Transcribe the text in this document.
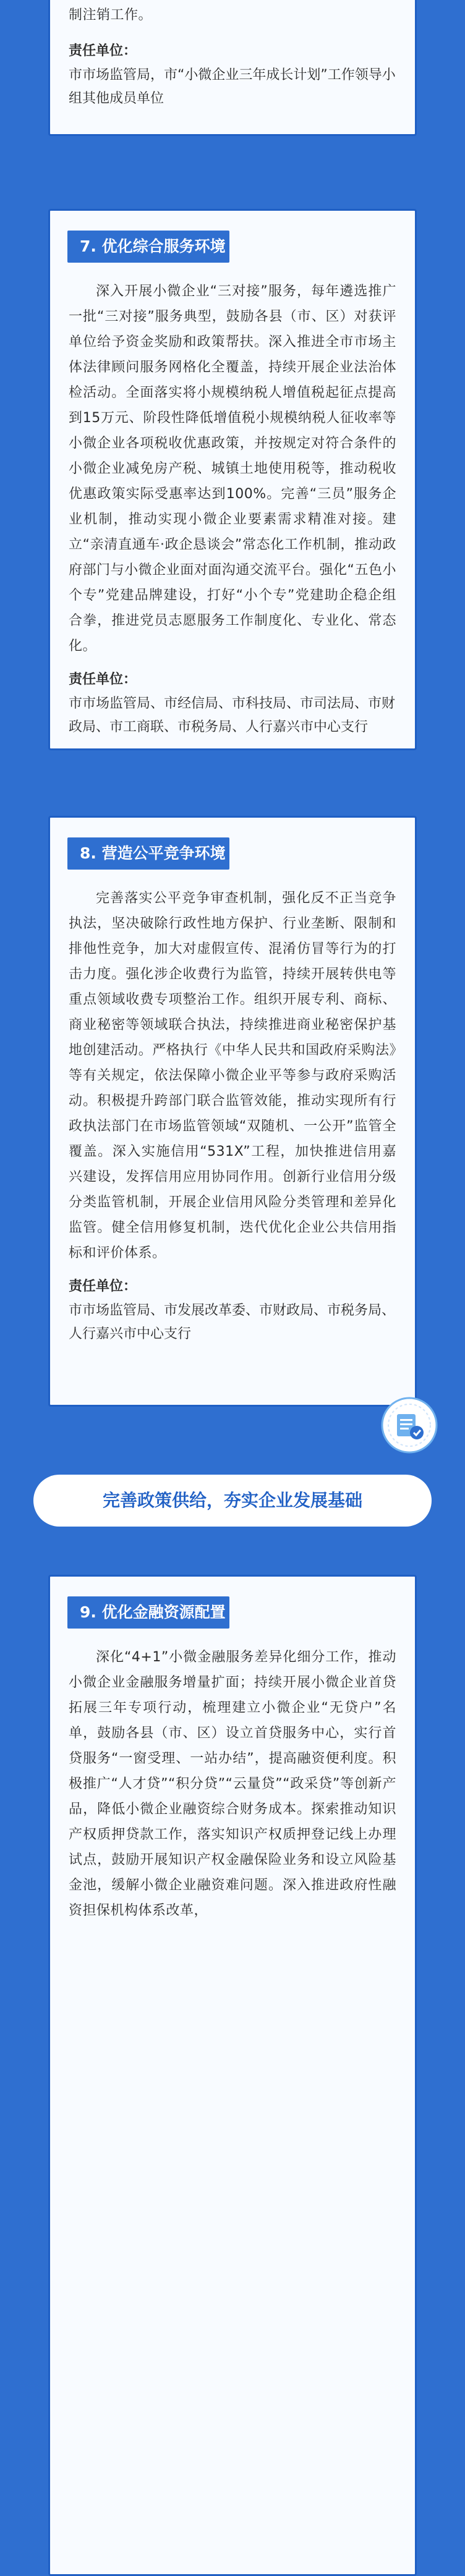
制注销工作。

责任单位：

市市场监管局，市“小微企业三年成长计划”工作领导小组其他成员单位

7. 优化综合服务环境

深入开展小微企业“三对接”服务，每年遴选推广一批“三对接”服务典型，鼓励各县（市、区）对获评单位给予资金奖励和政策帮扶。深入推进全市市场主体法律顾问服务网格化全覆盖，持续开展企业法治体检活动。全面落实将小规模纳税人增值税起征点提高到15万元、阶段性降低增值税小规模纳税人征收率等小微企业各项税收优惠政策，并按规定对符合条件的小微企业减免房产税、城镇土地使用税等，推动税收优惠政策实际受惠率达到100%。完善“三员”服务企业机制，推动实现小微企业要素需求精准对接。建立“亲清直通车·政企恳谈会”常态化工作机制，推动政府部门与小微企业面对面沟通交流平台。强化“五色小个专”党建品牌建设，打好“小个专”党建助企稳企组合拳，推进党员志愿服务工作制度化、专业化、常态化。

责任单位：

市市场监管局、市经信局、市科技局、市司法局、市财政局、市工商联、市税务局、人行嘉兴市中心支行

8. 营造公平竞争环境

完善落实公平竞争审查机制，强化反不正当竞争执法，坚决破除行政性地方保护、行业垄断、限制和排他性竞争，加大对虚假宣传、混淆仿冒等行为的打击力度。强化涉企收费行为监管，持续开展转供电等重点领域收费专项整治工作。组织开展专利、商标、商业秘密等领域联合执法，持续推进商业秘密保护基地创建活动。严格执行《中华人民共和国政府采购法》等有关规定，依法保障小微企业平等参与政府采购活动。积极提升跨部门联合监管效能，推动实现所有行政执法部门在市场监管领域“双随机、一公开”监管全覆盖。深入实施信用“531X”工程，加快推进信用嘉兴建设，发挥信用应用协同作用。创新行业信用分级分类监管机制，开展企业信用风险分类管理和差异化监管。健全信用修复机制，迭代优化企业公共信用指标和评价体系。

责任单位：

市市场监管局、市发展改革委、市财政局、市税务局、人行嘉兴市中心支行

完善政策供给，夯实企业发展基础
9. 优化金融资源配置

深化“4+1”小微金融服务差异化细分工作，推动小微企业金融服务增量扩面；持续开展小微企业首贷拓展三年专项行动，梳理建立小微企业“无贷户”名单，鼓励各县（市、区）设立首贷服务中心，实行首贷服务“一窗受理、一站办结”，提高融资便利度。积极推广“人才贷”“积分贷”“云量贷”“政采贷”等创新产品，降低小微企业融资综合财务成本。探索推动知识产权质押贷款工作，落实知识产权质押登记线上办理试点，鼓励开展知识产权金融保险业务和设立风险基金池，缓解小微企业融资难问题。深入推进政府性融资担保机构体系改革，
